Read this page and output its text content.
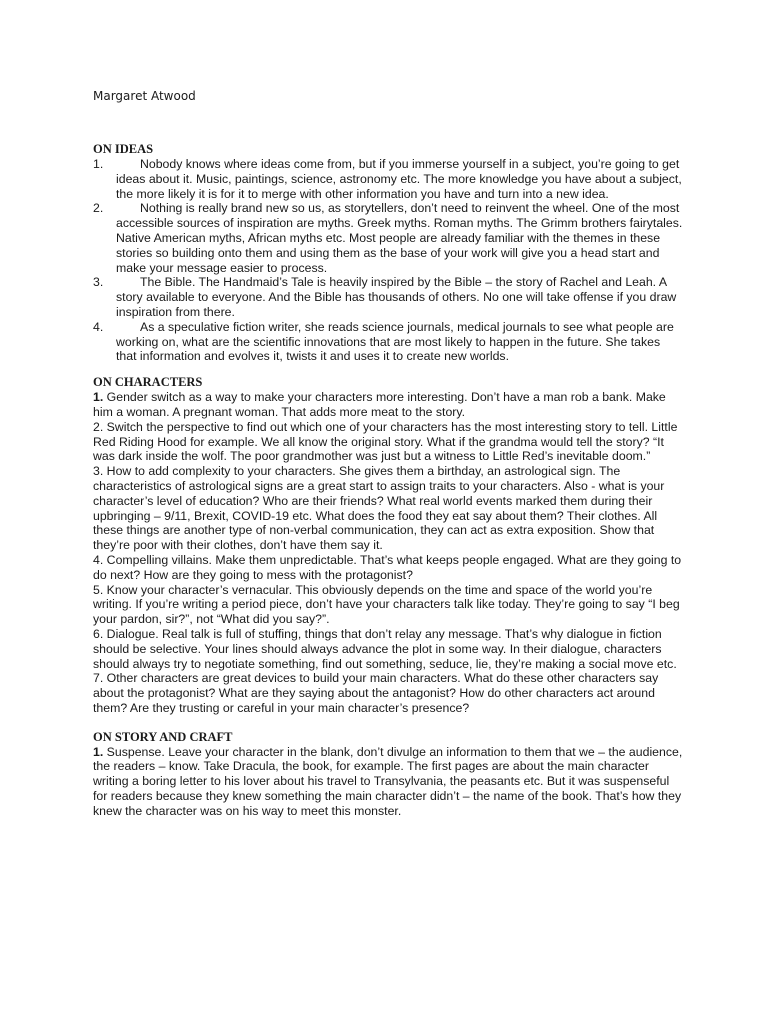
Margaret Atwood
ON IDEAS
1.	Nobody knows where ideas come from, but if you immerse yourself in a subject, you’re going to get ideas about it. Music, paintings, science, astronomy etc. The more knowledge you have about a subject, the more likely it is for it to merge with other information you have and turn into a new idea.
2.	Nothing is really brand new so us, as storytellers, don’t need to reinvent the wheel. One of the most accessible sources of inspiration are myths. Greek myths. Roman myths. The Grimm brothers fairytales. Native American myths, African myths etc. Most people are already familiar with the themes in these stories so building onto them and using them as the base of your work will give you a head start and make your message easier to process.
3.	The Bible. The Handmaid’s Tale is heavily inspired by the Bible – the story of Rachel and Leah. A story available to everyone. And the Bible has thousands of others. No one will take offense if you draw inspiration from there.
4.	As a speculative fiction writer, she reads science journals, medical journals to see what people are working on, what are the scientific innovations that are most likely to happen in the future. She takes that information and evolves it, twists it and uses it to create new worlds.
ON CHARACTERS

1. Gender switch as a way to make your characters more interesting. Don’t have a man rob a bank. Make him a woman. A pregnant woman. That adds more meat to the story.

2. Switch the perspective to find out which one of your characters has the most interesting story to tell. Little Red Riding Hood for example. We all know the original story. What if the grandma would tell the story? “It was dark inside the wolf. The poor grandmother was just but a witness to Little Red’s inevitable doom.”

3. How to add complexity to your characters. She gives them a birthday, an astrological sign. The characteristics of astrological signs are a great start to assign traits to your characters. Also - what is your character’s level of education? Who are their friends? What real world events marked them during their upbringing – 9/11, Brexit, COVID-19 etc. What does the food they eat say about them? Their clothes. All these things are another type of non-verbal communication, they can act as extra exposition. Show that they’re poor with their clothes, don’t have them say it.

4. Compelling villains. Make them unpredictable. That’s what keeps people engaged. What are they going to do next? How are they going to mess with the protagonist?

5. Know your character’s vernacular. This obviously depends on the time and space of the world you’re writing. If you’re writing a period piece, don’t have your characters talk like today. They’re going to say “I beg your pardon, sir?”, not “What did you say?”.

6. Dialogue. Real talk is full of stuffing, things that don’t relay any message. That’s why dialogue in fiction should be selective. Your lines should always advance the plot in some way. In their dialogue, characters should always try to negotiate something, find out something, seduce, lie, they’re making a social move etc.

7. Other characters are great devices to build your main characters. What do these other characters say about the protagonist? What are they saying about the antagonist? How do other characters act around them? Are they trusting or careful in your main character’s presence?

ON STORY AND CRAFT

1. Suspense. Leave your character in the blank, don’t divulge an information to them that we – the audience, the readers – know. Take Dracula, the book, for example. The first pages are about the main character writing a boring letter to his lover about his travel to Transylvania, the peasants etc. But it was suspenseful for readers because they knew something the main character didn’t – the name of the book. That’s how they knew the character was on his way to meet this monster.
